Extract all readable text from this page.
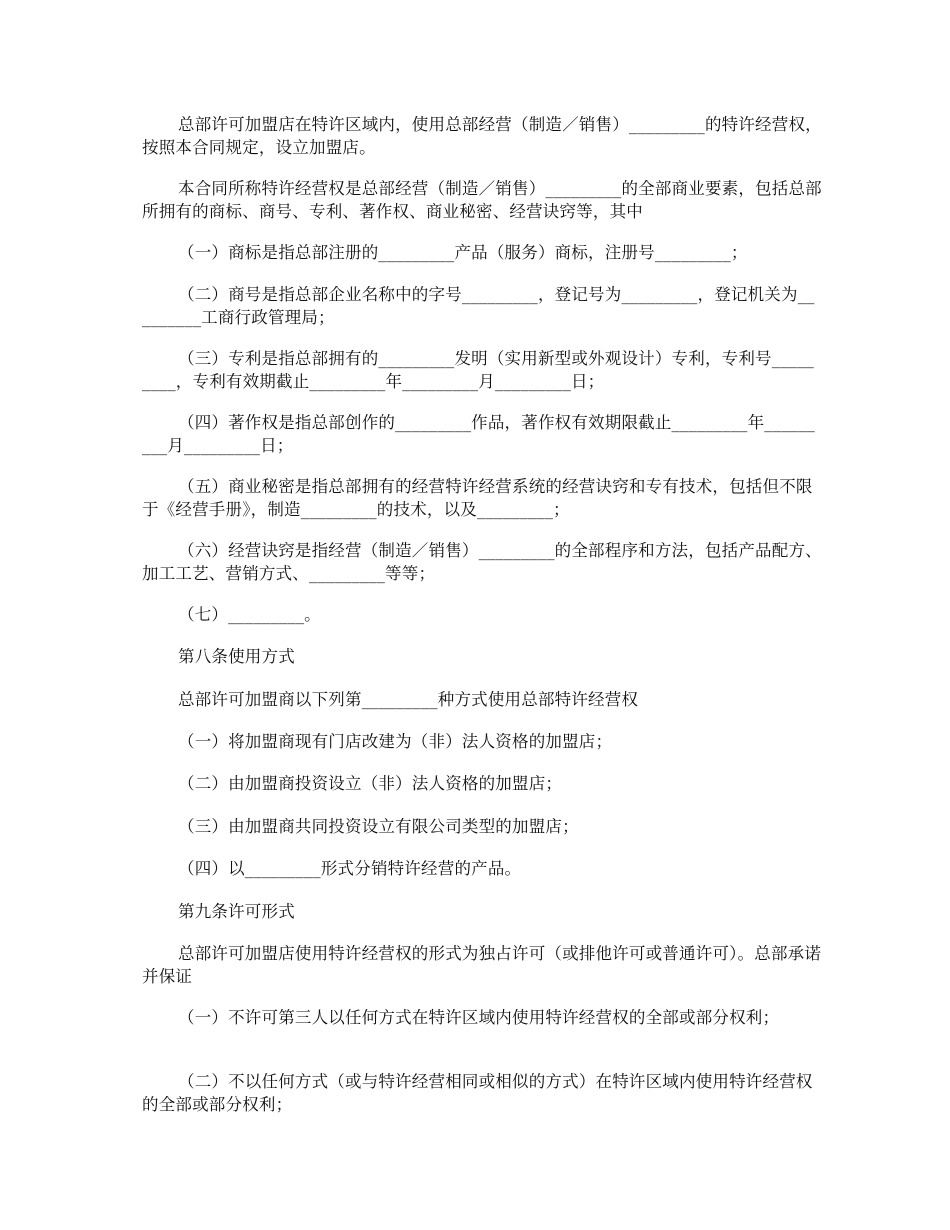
总部许可加盟店在特许区域内，使用总部经营（制造／销售）_________的特许经营权，按照本合同规定，设立加盟店。

本合同所称特许经营权是总部经营（制造／销售）_________的全部商业要素，包括总部所拥有的商标、商号、专利、著作权、商业秘密、经营诀窍等，其中

（一）商标是指总部注册的_________产品（服务）商标，注册号_________；

（二）商号是指总部企业名称中的字号_________，登记号为_________，登记机关为_________工商行政管理局；

（三）专利是指总部拥有的_________发明（实用新型或外观设计）专利，专利号_________，专利有效期截止_________年_________月_________日；

（四）著作权是指总部创作的_________作品，著作权有效期限截止_________年_________月_________日；

（五）商业秘密是指总部拥有的经营特许经营系统的经营诀窍和专有技术，包括但不限于《经营手册》，制造_________的技术，以及_________；

（六）经营诀窍是指经营（制造／销售）_________的全部程序和方法，包括产品配方、加工工艺、营销方式、_________等等；

（七）_________。

第八条使用方式

总部许可加盟商以下列第_________种方式使用总部特许经营权

（一）将加盟商现有门店改建为（非）法人资格的加盟店；

（二）由加盟商投资设立（非）法人资格的加盟店；

（三）由加盟商共同投资设立有限公司类型的加盟店；

（四）以_________形式分销特许经营的产品。

第九条许可形式

总部许可加盟店使用特许经营权的形式为独占许可（或排他许可或普通许可）。总部承诺并保证

（一）不许可第三人以任何方式在特许区域内使用特许经营权的全部或部分权利；

（二）不以任何方式（或与特许经营相同或相似的方式）在特许区域内使用特许经营权的全部或部分权利；
